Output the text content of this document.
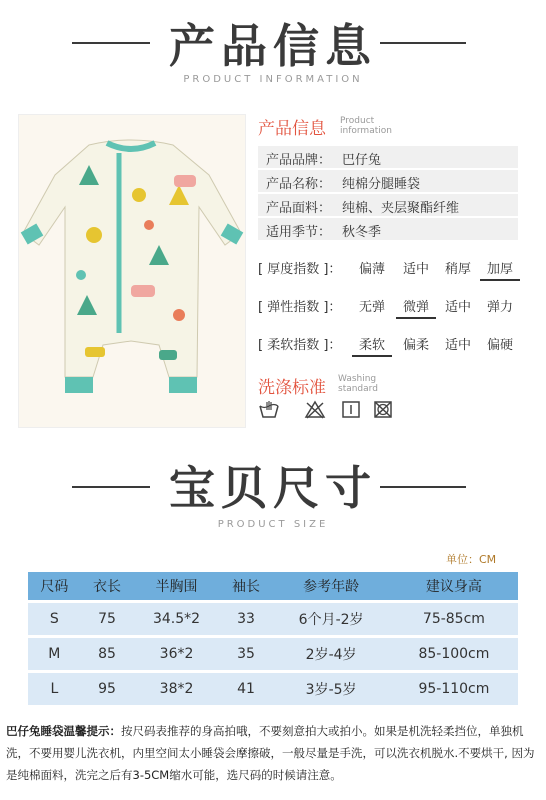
产品信息
PRODUCT INFORMATION
产品信息 Product information
产品品牌： 巴仔兔
产品名称： 纯棉分腿睡袋
产品面料： 纯棉、夹层聚酯纤维
适用季节： 秋冬季
[ 厚度指数 ]：	偏薄	适中	稍厚	加厚
[ 弹性指数 ]：	无弹	微弹	适中	弹力
[ 柔软指数 ]：	柔软	偏柔	适中	偏硬
洗涤标准 Washing standard
宝贝尺寸
PRODUCT SIZE
单位：CM
尺码	衣长	半胸围	袖长	参考年龄	建议身高

S	75	34.5*2	33	6个月-2岁	75-85cm

M	85	36*2	35	2岁-4岁	85-100cm

L	95	38*2	41	3岁-5岁	95-110cm
巴仔兔睡袋温馨提示：按尺码表推荐的身高拍哦，不要刻意拍大或拍小。如果是机洗轻柔挡位，单独机洗，不要用婴儿洗衣机，内里空间太小睡袋会摩擦破，一般尽量是手洗，可以洗衣机脱水.不要烘干, 因为是纯棉面料，洗完之后有3-5CM缩水可能，选尺码的时候请注意。
